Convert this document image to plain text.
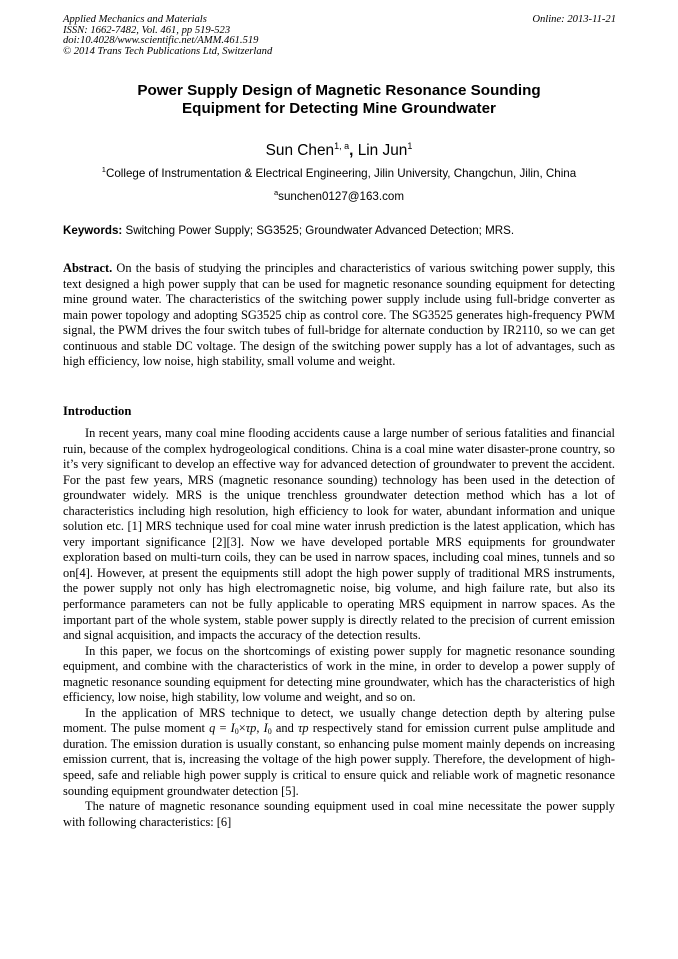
Applied Mechanics and Materials
ISSN: 1662-7482, Vol. 461, pp 519-523
doi:10.4028/www.scientific.net/AMM.461.519
© 2014 Trans Tech Publications Ltd, Switzerland
Online: 2013-11-21
Power Supply Design of Magnetic Resonance Sounding
Equipment for Detecting Mine Groundwater
Sun Chen$^{1, a}$, Lin Jun$^1$
$^1$College of Instrumentation & Electrical Engineering, Jilin University, Changchun, Jilin, China
$^a$sunchen0127@163.com
Keywords: Switching Power Supply; SG3525; Groundwater Advanced Detection; MRS.
Abstract. On the basis of studying the principles and characteristics of various switching power supply, this text designed a high power supply that can be used for magnetic resonance sounding equipment for detecting mine ground water. The characteristics of the switching power supply include using full-bridge converter as main power topology and adopting SG3525 chip as control core. The SG3525 generates high-frequency PWM signal, the PWM drives the four switch tubes of full-bridge for alternate conduction by IR2110, so we can get continuous and stable DC voltage. The design of the switching power supply has a lot of advantages, such as high efficiency, low noise, high stability, small volume and weight.
Introduction

In recent years, many coal mine flooding accidents cause a large number of serious fatalities and financial ruin, because of the complex hydrogeological conditions. China is a coal mine water disaster-prone country, so it’s very significant to develop an effective way for advanced detection of groundwater to prevent the accident. For the past few years, MRS (magnetic resonance sounding) technology has been used in the detection of groundwater widely. MRS is the unique trenchless groundwater detection method which has a lot of characteristics including high resolution, high efficiency to look for water, abundant information and unique solution etc. [1] MRS technique used for coal mine water inrush prediction is the latest application, which has very important significance [2][3]. Now we have developed portable MRS equipments for groundwater exploration based on multi-turn coils, they can be used in narrow spaces, including coal mines, tunnels and so on[4]. However, at present the equipments still adopt the high power supply of traditional MRS instruments, the power supply not only has high electromagnetic noise, big volume, and high failure rate, but also its performance parameters can not be fully applicable to operating MRS equipment in narrow spaces. As the important part of the whole system, stable power supply is directly related to the precision of current emission and signal acquisition, and impacts the accuracy of the detection results.

In this paper, we focus on the shortcomings of existing power supply for magnetic resonance sounding equipment, and combine with the characteristics of work in the mine, in order to develop a power supply of magnetic resonance sounding equipment for detecting mine groundwater, which has the characteristics of high efficiency, low noise, high stability, low volume and weight, and so on.

In the application of MRS technique to detect, we usually change detection depth by altering pulse moment. The pulse moment $q = I_0\times\tau p$, $I_0$ and τp respectively stand for emission current pulse amplitude and duration. The emission duration is usually constant, so enhancing pulse moment mainly depends on increasing emission current, that is, increasing the voltage of the high power supply. Therefore, the development of high-speed, safe and reliable high power supply is critical to ensure quick and reliable work of magnetic resonance sounding equipment groundwater detection [5].

The nature of magnetic resonance sounding equipment used in coal mine necessitate the power supply with following characteristics: [6]
